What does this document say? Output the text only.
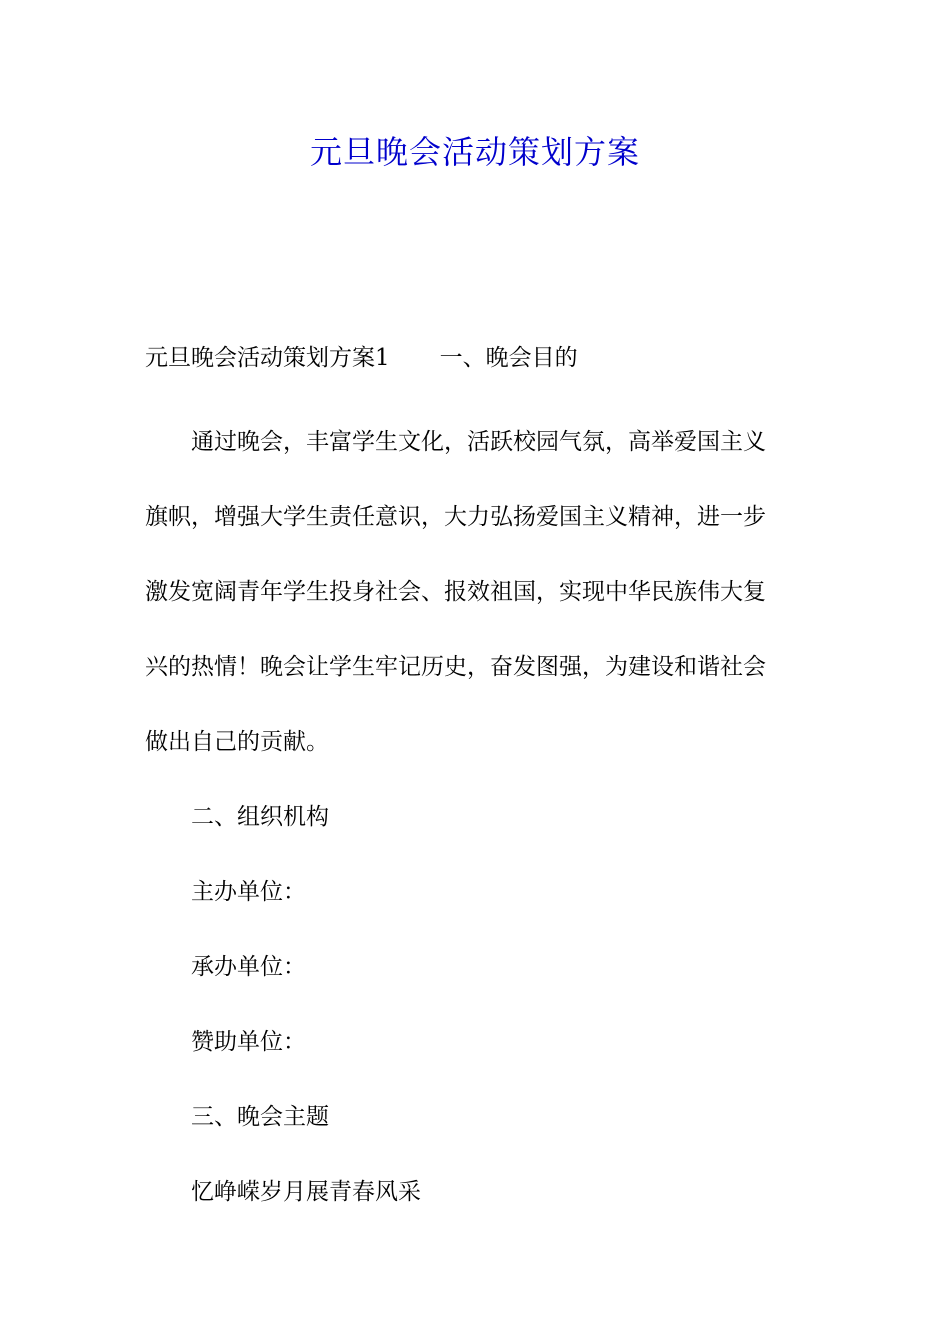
元旦晚会活动策划方案
元旦晚会活动策划方案1 一、晚会目的
通过晚会，丰富学生文化，活跃校园气氛，高举爱国主义
旗帜，增强大学生责任意识，大力弘扬爱国主义精神，进一步
激发宽阔青年学生投身社会、报效祖国，实现中华民族伟大复
兴的热情！晚会让学生牢记历史，奋发图强，为建设和谐社会
做出自己的贡献。
二、组织机构
主办单位：
承办单位：
赞助单位：
三、晚会主题
忆峥嵘岁月展青春风采
